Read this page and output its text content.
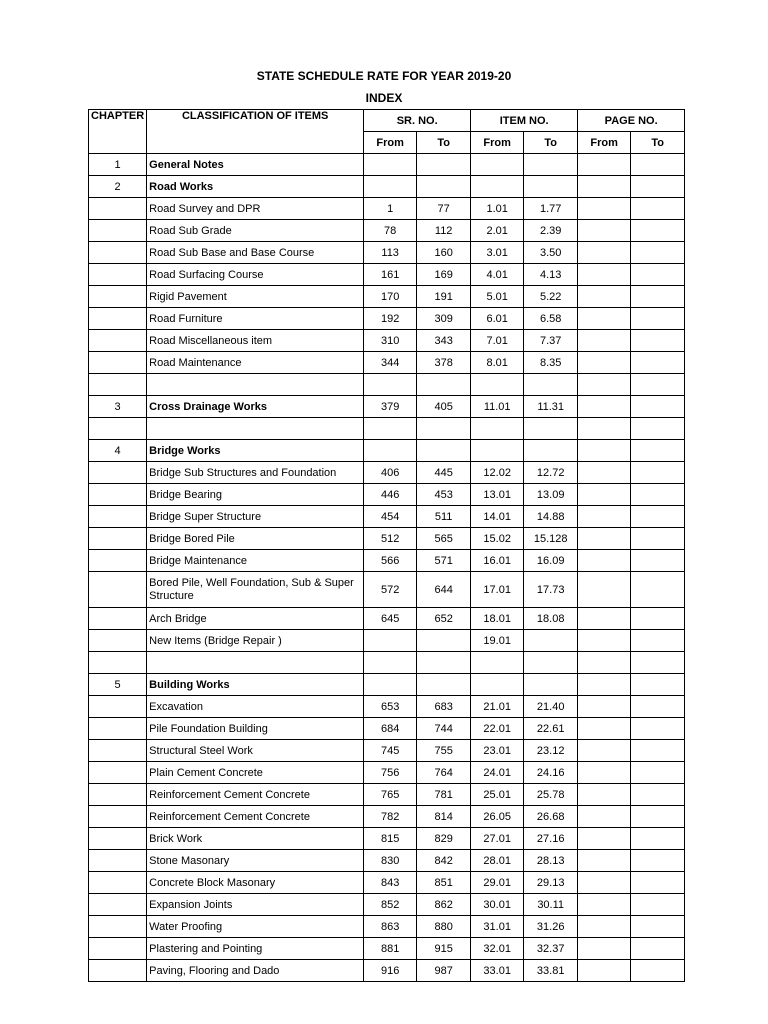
STATE SCHEDULE RATE FOR YEAR 2019-20
INDEX
CHAPTER	CLASSIFICATION OF ITEMS	SR. NO.		ITEM NO.		PAGE NO.	
		From	To	From	To	From	To
1	General Notes						
2	Road Works						
	Road Survey and DPR	1	77	1.01	1.77		
	Road Sub Grade	78	112	2.01	2.39		
	Road Sub Base and Base Course	113	160	3.01	3.50		
	Road Surfacing Course	161	169	4.01	4.13		
	Rigid Pavement	170	191	5.01	5.22		
	Road Furniture	192	309	6.01	6.58		
	Road Miscellaneous item	310	343	7.01	7.37		
	Road Maintenance	344	378	8.01	8.35		

3	Cross Drainage Works	379	405	11.01	11.31		

4	Bridge Works						
	Bridge Sub Structures and Foundation	406	445	12.02	12.72		
	Bridge Bearing	446	453	13.01	13.09		
	Bridge Super Structure	454	511	14.01	14.88		
	Bridge Bored Pile	512	565	15.02	15.128		
	Bridge Maintenance	566	571	16.01	16.09		
	Bored Pile, Well Foundation, Sub & Super Structure	572	644	17.01	17.73		
	Arch Bridge	645	652	18.01	18.08		
	New Items (Bridge Repair )			19.01			

5	Building Works						
	Excavation	653	683	21.01	21.40		
	Pile Foundation Building	684	744	22.01	22.61		
	Structural Steel Work	745	755	23.01	23.12		
	Plain Cement Concrete	756	764	24.01	24.16		
	Reinforcement Cement Concrete	765	781	25.01	25.78		
	Reinforcement Cement Concrete	782	814	26.05	26.68		
	Brick Work	815	829	27.01	27.16		
	Stone Masonary	830	842	28.01	28.13		
	Concrete Block Masonary	843	851	29.01	29.13		
	Expansion Joints	852	862	30.01	30.11		
	Water Proofing	863	880	31.01	31.26		
	Plastering and Pointing	881	915	32.01	32.37		
	Paving, Flooring and Dado	916	987	33.01	33.81		
